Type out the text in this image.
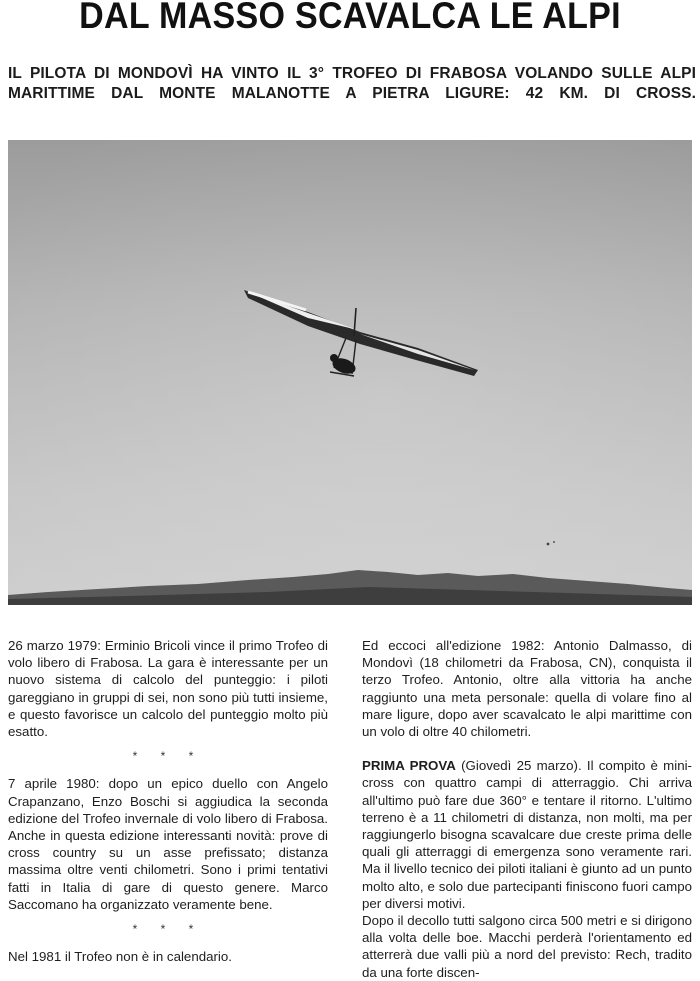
DAL MASSO SCAVALCA LE ALPI
IL PILOTA DI MONDOVÌ HA VINTO IL 3° TROFEO DI FRABOSA VOLANDO SULLE ALPI MARITTIME DAL MONTE MALANOTTE A PIETRA LIGURE: 42 KM. DI CROSS.

26 marzo 1979: Erminio Bricoli vince il primo Trofeo di volo libero di Frabosa. La gara è interessante per un nuovo sistema di calcolo del punteggio: i piloti gareggiano in gruppi di sei, non sono più tutti insieme, e questo favorisce un calcolo del punteggio molto più esatto.

* * *

7 aprile 1980: dopo un epico duello con Angelo Crapanzano, Enzo Boschi si aggiudica la seconda edizione del Trofeo invernale di volo libero di Frabosa. Anche in questa edizione interessanti novità: prove di cross country su un asse prefissato; distanza massima oltre venti chilometri. Sono i primi tentativi fatti in Italia di gare di questo genere. Marco Saccomano ha organizzato veramente bene.

* * *

Nel 1981 il Trofeo non è in calendario.

Ed eccoci all'edizione 1982: Antonio Dalmasso, di Mondovì (18 chilometri da Frabosa, CN), conquista il terzo Trofeo. Antonio, oltre alla vittoria ha anche raggiunto una meta personale: quella di volare fino al mare ligure, dopo aver scavalcato le alpi marittime con un volo di oltre 40 chilometri.

PRIMA PROVA (Giovedì 25 marzo). Il compito è mini-cross con quattro campi di atterraggio. Chi arriva all'ultimo può fare due 360° e tentare il ritorno. L'ultimo terreno è a 11 chilometri di distanza, non molti, ma per raggiungerlo bisogna scavalcare due creste prima delle quali gli atterraggi di emergenza sono veramente rari. Ma il livello tecnico dei piloti italiani è giunto ad un punto molto alto, e solo due partecipanti finiscono fuori campo per diversi motivi.

Dopo il decollo tutti salgono circa 500 metri e si dirigono alla volta delle boe. Macchi perderà l'orientamento ed atterrerà due valli più a nord del previsto: Rech, tradito da una forte discen-
